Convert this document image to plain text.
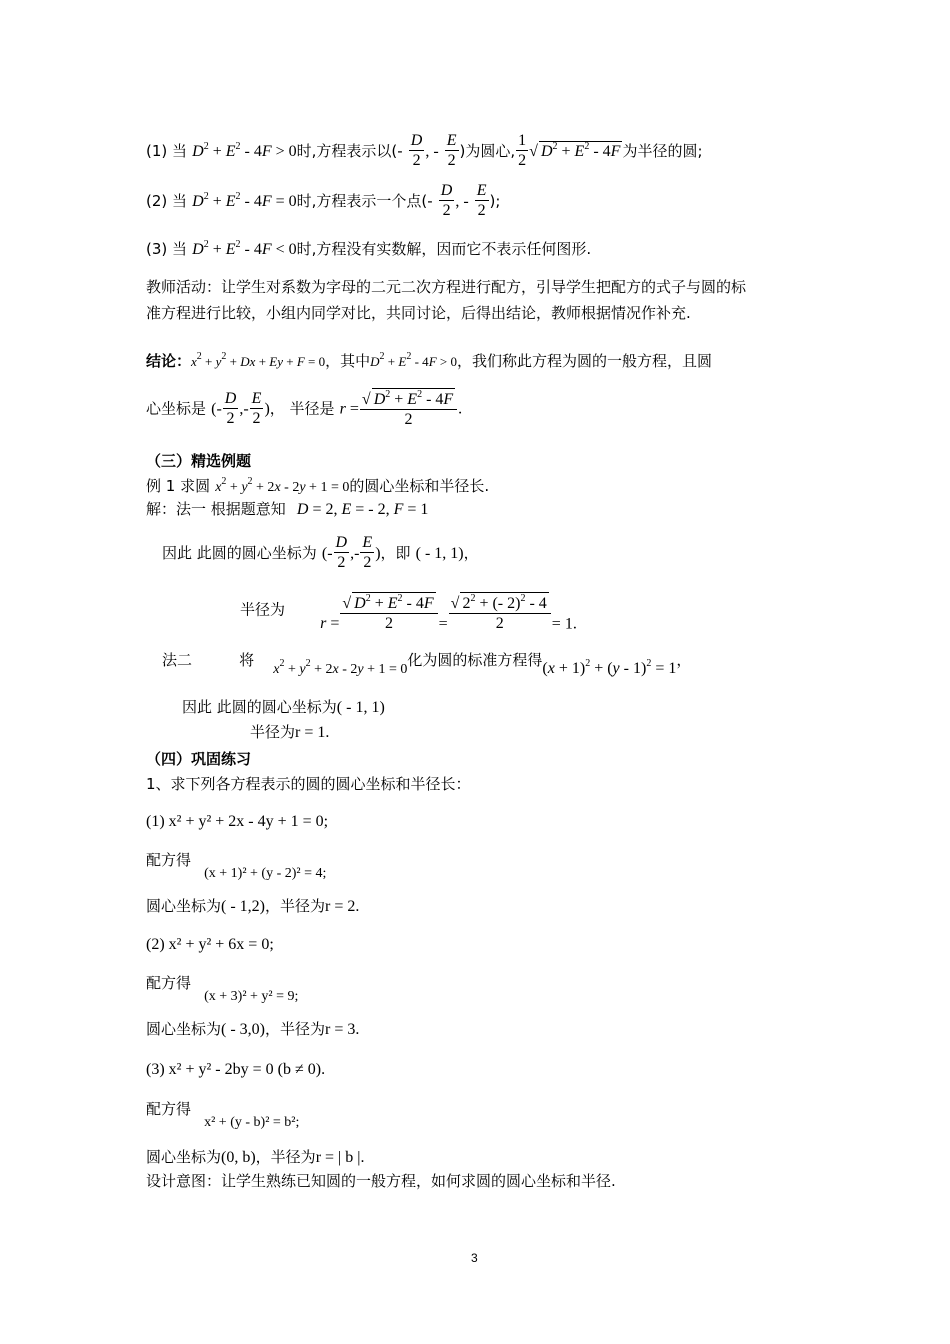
(1) 当 $D^2 + E^2 - 4F > 0$时,方程表示以(- $\frac{D}{2}$ , - $\frac{E}{2}$ )为圆心, $\frac{1}{2}$ √ $D^2 + E^2 - 4F$ 为半径的圆;
(2) 当 $D^2 + E^2 - 4F = 0$时,方程表示一个点(- $\frac{D}{2}$ , - $\frac{E}{2}$ );
(3) 当 $D^2 + E^2 - 4F < 0$时,方程没有实数解，因而它不表示任何图形.
教师活动：让学生对系数为字母的二元二次方程进行配方，引导学生把配方的式子与圆的标
准方程进行比较，小组内同学对比，共同讨论，后得出结论，教师根据情况作补充.
结论：$x^2 + y^2 + Dx + Ey + F = 0$，其中$D^2 + E^2 - 4F > 0$，我们称此方程为圆的一般方程，且圆
心坐标是 (- $\frac{D}{2}$ ,- $\frac{E}{2}$ )， 半径是 $r = \frac{√ D^2 + E^2 - 4F}{2}$ .
（三）精选例题
例 1 求圆 $x^2 + y^2 + 2x - 2y + 1 = 0$的圆心坐标和半径长.
解：法一 根据题意知 D = 2, E = - 2, F = 1
因此 此圆的圆心坐标为 (- $\frac{D}{2}$ ,- $\frac{E}{2}$ )，即 ( - 1, 1)，
半径为 $r = \frac{√ D^2 + E^2 - 4F}{2} = \frac{√ 2^2 + (- 2)^2 - 4}{2} = 1$.
法二	将 $x^2 + y^2 + 2x - 2y + 1 = 0$化为圆的标准方程得$(x + 1)^2 + (y - 1)^2 = 1$，
因此 此圆的圆心坐标为( - 1, 1)
半径为r = 1.
（四）巩固练习
1、求下列各方程表示的圆的圆心坐标和半径长：
(1) x² + y² + 2x - 4y + 1 = 0;
配方得 (x + 1)² + (y - 2)² = 4;
圆心坐标为( - 1,2)，半径为r = 2.
(2) x² + y² + 6x = 0;
配方得 (x + 3)² + y² = 9;
圆心坐标为( - 3,0)，半径为r = 3.
(3) x² + y² - 2by = 0 (b ≠ 0).
配方得 x² + (y - b)² = b²;
圆心坐标为(0, b)，半径为r = | b |.
设计意图：让学生熟练已知圆的一般方程，如何求圆的圆心坐标和半径.
3
